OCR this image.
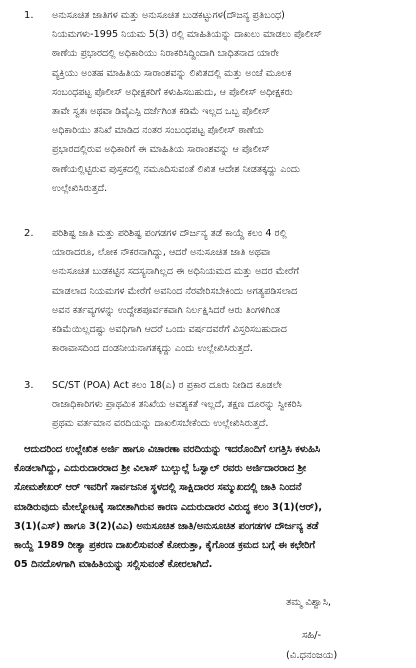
1. ಅನುಸೂಚಿತ ಜಾತಿಗಳ ಮತ್ತು ಅನುಸೂಚಿತ ಬುಡಕಟ್ಟುಗಳ(ದೌಜನ್ಯ ಪ್ರತಿಬಂಧ)
ನಿಯಮಗಳು-1995 ನಿಯಮ 5(3) ರಲ್ಲಿ ಮಾಹಿತಿಯನ್ನು ದಾಖಲು ಮಾಡಲು ಪೊಲೀಸ್
ಠಾಣೆಯ ಪ್ರಭಾರದಲ್ಲಿ ಅಧಿಕಾರಿಯು ನಿರಾಕರಿಸಿದ್ದಿಂದಾಗಿ ಬಾಧಿತನಾದ ಯಾರೇ
ವ್ಯಕ್ತಿಯು ಅಂತಹ ಮಾಹಿತಿಯ ಸಾರಾಂಶವನ್ನು ಲಿಖಿತದಲ್ಲಿ ಮತ್ತು ಅಂಚೆ ಮೂಲಕ
ಸಂಬಂಧಪಟ್ಟ ಪೊಲೀಸ್ ಅಧೀಕ್ಷಕರಿಗೆ ಕಳುಹಿಸಬಹುದು, ಆ ಪೊಲೀಸ್ ಅಧೀಕ್ಷಕರು
ತಾವೇ ಸ್ವತಃ ಅಥವಾ ಡಿವೈಎಸ್ಪಿ ದರ್ಜೆಗಿಂತ ಕಡಿಮೆ ಇಲ್ಲದ ಒಬ್ಬ ಪೊಲೀಸ್
ಅಧಿಕಾರಿಯು ತನಿಖೆ ಮಾಡಿದ ನಂತರ ಸಂಬಂಧಪಟ್ಟ ಪೊಲೀಸ್ ಠಾಣೆಯ
ಪ್ರಭಾರದಲ್ಲಿರುವ ಅಧಿಕಾರಿಗೆ ಈ ಮಾಹಿತಿಯ ಸಾರಾಂಶವನ್ನು ಆ ಪೊಲೀಸ್
ಠಾಣೆಯಲ್ಲಿಟ್ಟಿರುವ ಪುಸ್ತಕದಲ್ಲಿ ನಮೂದಿಸುವಂತೆ ಲಿಖಿತ ಆದೇಶ ನೀಡತಕ್ಕದ್ದು ಎಂದು
ಉಲ್ಲೇಖಿಸಿರುತ್ತದೆ.
2. ಪರಿಶಿಷ್ಟ ಜಾತಿ ಮತ್ತು ಪರಿಶಿಷ್ಟ ಪಂಗಡಗಳ ದೌರ್ಜನ್ಯ ತಡೆ ಕಾಯ್ದೆ ಕಲಂ 4 ರಲ್ಲಿ
ಯಾರಾದರೂ, ಲೋಕ ನೌಕರನಾಗಿದ್ದು, ಆದರೆ ಅನುಸೂಚಿತ ಜಾತಿ ಅಥವಾ
ಅನುಸೂಚಿತ ಬುಡಕಟ್ಟಿನ ಸದಸ್ಯನಾಗಿಲ್ಲದ ಈ ಅಧಿನಿಯಮದ ಮತ್ತು ಅದರ ಮೇರೆಗೆ
ಮಾಡಲಾದ ನಿಯಮಗಳ ಮೇರೆಗೆ ಅವನಿಂದ ನೆರವೇರಿಸಬೇಕಿಂದು ಅಗತ್ಯಪಡಿಸಲಾದ
ಅವನ ಕರ್ತವ್ಯಗಳನ್ನು ಉದ್ದೇಶಪೂರ್ವಕವಾಗಿ ನಿರ್ಲಕ್ಷಿಸಿದರೆ ಆರು ತಿಂಗಳಿಗಿಂತ
ಕಡಿಮೆಯಿಲ್ಲದಷ್ಟು ಅವಧಿಗಾಗಿ ಆದರೆ ಒಂದು ವರ್ಷದವರೆಗೆ ವಿಸ್ತರಿಸಬಹುದಾದ
ಕಾರಾವಾಸದಿಂದ ದಂಡನೀಯನಾಗತಕ್ಕದ್ದು ಎಂದು ಉಲ್ಲೇಖಿಸಿರುತ್ತದೆ.
3. SC/ST (POA) Act ಕಲಂ 18(ಎ) ರ ಪ್ರಕಾರ ದೂರು ನೀಡಿದ ಕೂಡಲೇ
ರಾಜಾಧಿಕಾರಿಗಳು ಪ್ರಾಥಮಿಕ ತನಿಖೆಯ ಅವಶ್ಯಕತೆ ಇಲ್ಲದೆ, ತಕ್ಷಣ ದೂರನ್ನು ಸ್ವೀಕರಿಸಿ
ಪ್ರಥಮ ವರ್ತಮಾನ ವರದಿಯನ್ನು ದಾಖಲಿಸಬೇಕೆಂದು ಉಲ್ಲೇಖಿಸಿರುತ್ತದೆ.
ಆದುದರಿಂದ ಉಲ್ಲೇಖಿತ ಅರ್ಜಿ ಹಾಗೂ ವಿಚಾರಣಾ ವರದಿಯನ್ನು ಇದರೊಂದಿಗೆ ಲಗತ್ತಿಸಿ ಕಳುಹಿಸಿ
ಕೊಡಲಾಗಿದ್ದು, ಎದುರುದಾರರಾದ ಶ್ರೀ ವಿಲಾಸ್ ಬುಲ್ಬುಲ್ಲೆ ಓಸ್ವಾಲ್ ರವರು ಅರ್ಜಿದಾರರಾದ ಶ್ರೀ
ಸೋಮಶೇಖರ್ ಆರ್ ಇವರಿಗೆ ಸಾರ್ವಜನಿಕ ಸ್ಥಳದಲ್ಲಿ ಸಾಕ್ಷಿದಾರರ ಸಮ್ಮುಖದಲ್ಲಿ ಜಾತಿ ನಿಂದನೆ
ಮಾಡಿರುವುದು ಮೇಲ್ನೋಟಕ್ಕೆ ಸಾಬೀತಾಗಿರುವ ಕಾರಣ ಎದುರುದಾರರ ವಿರುದ್ಧ ಕಲಂ 3(1)(ಆರ್),
3(1)(ಎಸ್) ಹಾಗೂ 3(2)(ವಿಎ) ಅನುಸೂಚಿತ ಜಾತಿ/ಅನುಸೂಚಿತ ಪಂಗಡಗಳ ದೌರ್ಜನ್ಯ ತಡೆ
ಕಾಯ್ದೆ 1989 ರೀತ್ಯಾ ಪ್ರಕರಣ ದಾಖಲಿಸುವಂತೆ ಕೋರುತ್ತಾ, ಕೈಗೊಂಡ ಕ್ರಮದ ಬಗ್ಗೆ ಈ ಕಛೇರಿಗೆ
05 ದಿನದೊಳಗಾಗಿ ಮಾಹಿತಿಯನ್ನು ಸಲ್ಲಿಸುವಂತೆ ಕೋರಲಾಗಿದೆ.
ತಮ್ಮ ವಿಶ್ವಾಸಿ,
ಸಹಿ/-
(ವಿ.ಧನಂಜಯ)
